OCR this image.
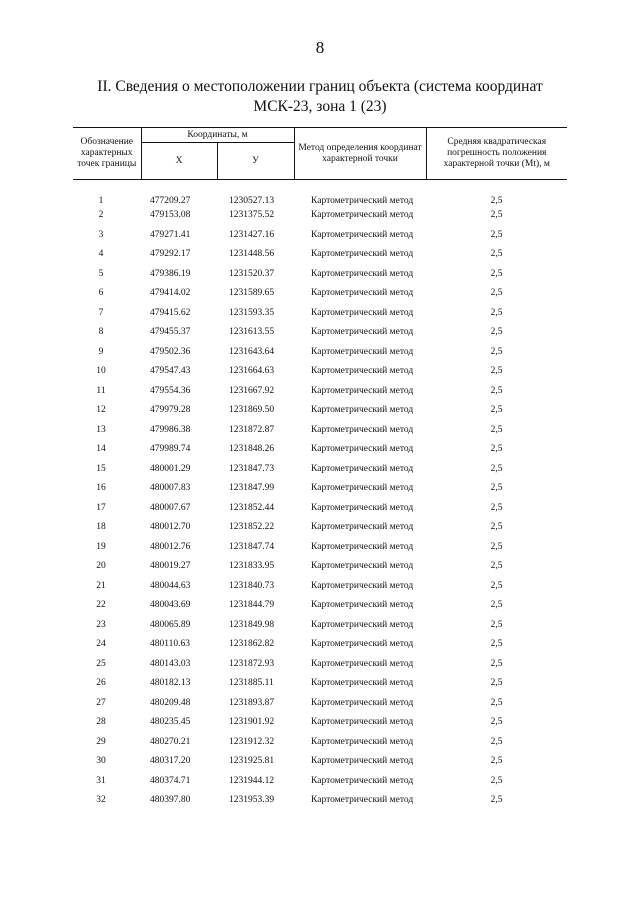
8
II. Сведения о местоположении границ объекта (система координат
МСК-23, зона 1 (23)
Обозначение характерных точек границы	Координаты, м		Метод определения координат характерной точки	Средняя квадратическая погрешность положения характерной точки (Mt), м
	X	У		
1	477209.27	1230527.13	Картометрический метод	2,5
2	479153.08	1231375.52	Картометрический метод	2,5
3	479271.41	1231427.16	Картометрический метод	2,5
4	479292.17	1231448.56	Картометрический метод	2,5
5	479386.19	1231520.37	Картометрический метод	2,5
6	479414.02	1231589.65	Картометрический метод	2,5
7	479415.62	1231593.35	Картометрический метод	2,5
8	479455.37	1231613.55	Картометрический метод	2,5
9	479502.36	1231643.64	Картометрический метод	2,5
10	479547.43	1231664.63	Картометрический метод	2,5
11	479554.36	1231667.92	Картометрический метод	2,5
12	479979.28	1231869.50	Картометрический метод	2,5
13	479986.38	1231872.87	Картометрический метод	2,5
14	479989.74	1231848.26	Картометрический метод	2,5
15	480001.29	1231847.73	Картометрический метод	2,5
16	480007.83	1231847.99	Картометрический метод	2,5
17	480007.67	1231852.44	Картометрический метод	2,5
18	480012.70	1231852.22	Картометрический метод	2,5
19	480012.76	1231847.74	Картометрический метод	2,5
20	480019.27	1231833.95	Картометрический метод	2,5
21	480044.63	1231840.73	Картометрический метод	2,5
22	480043.69	1231844.79	Картометрический метод	2,5
23	480065.89	1231849.98	Картометрический метод	2,5
24	480110.63	1231862.82	Картометрический метод	2,5
25	480143.03	1231872.93	Картометрический метод	2,5
26	480182.13	1231885.11	Картометрический метод	2,5
27	480209.48	1231893.87	Картометрический метод	2,5
28	480235.45	1231901.92	Картометрический метод	2,5
29	480270.21	1231912.32	Картометрический метод	2,5
30	480317.20	1231925.81	Картометрический метод	2,5
31	480374.71	1231944.12	Картометрический метод	2,5
32	480397.80	1231953.39	Картометрический метод	2,5
